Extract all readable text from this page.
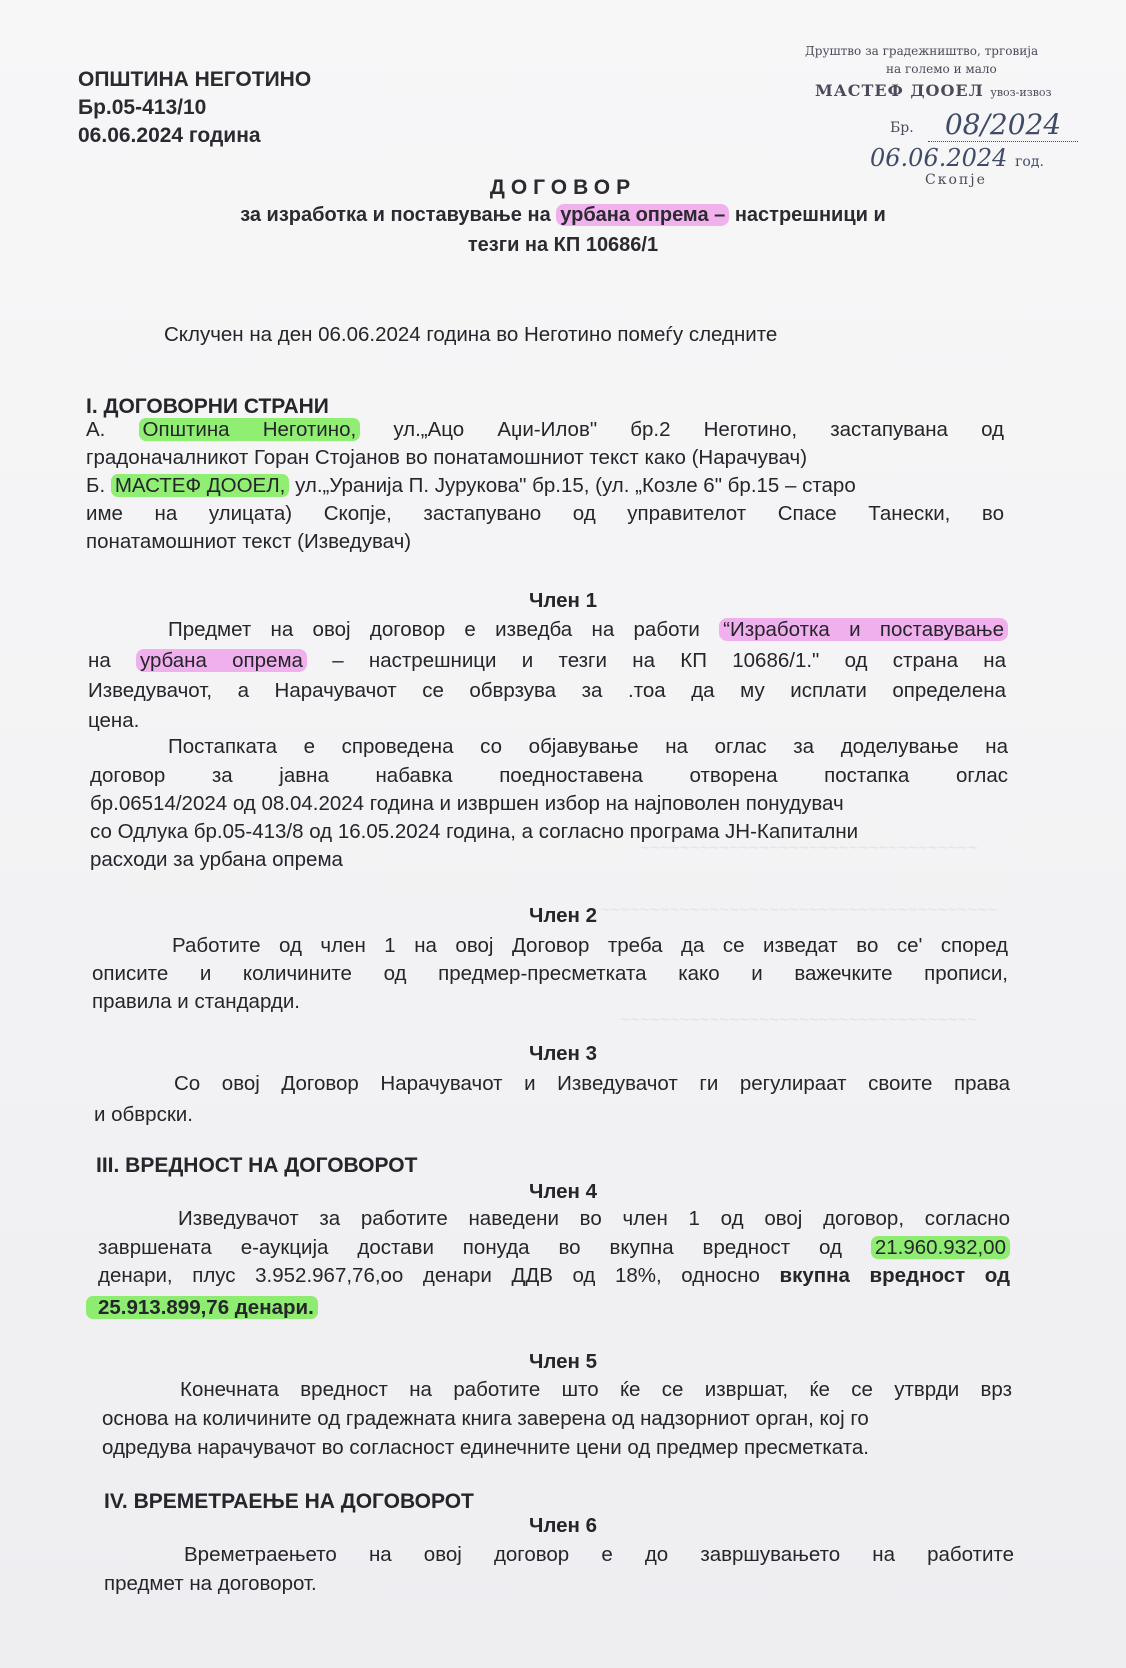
~~~~~~~~~~~~~~~~~~~~~~~~~~~~~~~~~~
~~~~~~~~~~~~~~~~~~~~~~~~~~~~~~~~~~~~~~~~
~~~~~~~~~~~~~~~~~~~~~~~~~~~~~~~~~~~~
ОПШТИНА НЕГОТИНО
Бр.05-413/10
06.06.2024 година
Друштво за градежништво, трговија
на големо и мало
МАСТЕФ ДООЕЛ увоз-извоз
Бр.	08/2024
06.06.2024 год.
Скопје
ДОГОВОР
за изработка и поставување на урбана опрема – настрешници и
тезги на КП 10686/1
Склучен на ден 06.06.2024 година во Неготино помеѓу следните
I. ДОГОВОРНИ СТРАНИ
А. Општина Неготино, ул.„Ацо Аџи-Илов" бр.2 Неготино, застапувана од
градоначалникот Горан Стојанов во понатамошниот текст како (Нарачувач)
Б. МАСТЕФ ДООЕЛ, ул.„Уранија П. Јурукова" бр.15, (ул. „Козле 6" бр.15 – старо
име на улицата) Скопје, застапувано од управителот Спасе Танески, во
понатамошниот текст (Изведувач)
Член 1
Предмет на овој договор е изведба на работи “Изработка и поставување
на урбана опрема – настрешници и тезги на КП 10686/1." од страна на
Изведувачот, а Нарачувачот се обврзува за .тоа да му исплати определена
цена.
Постапката е спроведена со објавување на оглас за доделување на
договор за јавна набавка поедноставена отворена постапка оглас
бр.06514/2024 од 08.04.2024 година и извршен избор на најповолен понудувач
со Одлука бр.05-413/8 од 16.05.2024 година, а согласно програма ЈН-Капитални
расходи за урбана опрема
Член 2
Работите од член 1 на овој Договор треба да се изведат во се' според
описите и количините од предмер-пресметката како и важечките прописи,
правила и стандарди.
Член 3
Со овој Договор Нарачувачот и Изведувачот ги регулираат своите права
и обврски.
III. ВРЕДНОСТ НА ДОГОВОРОТ
Член 4
Изведувачот за работите наведени во член 1 од овој договор, согласно
завршената е-аукција достави понуда во вкупна вредност од 21.960.932,00
денари, плус 3.952.967,76,оо денари ДДВ од 18%, односно вкупна вредност од
25.913.899,76 денари.
Член 5
Конечната вредност на работите што ќе се извршат, ќе се утврди врз
основа на количините од градежната книга заверена од надзорниот орган, кој го
одредува нарачувачот во согласност единечните цени од предмер пресметката.
IV. ВРЕМЕТРАЕЊЕ НА ДОГОВОРОТ
Член 6
Времетраењето на овој договор е до завршувањето на работите
предмет на договорот.
